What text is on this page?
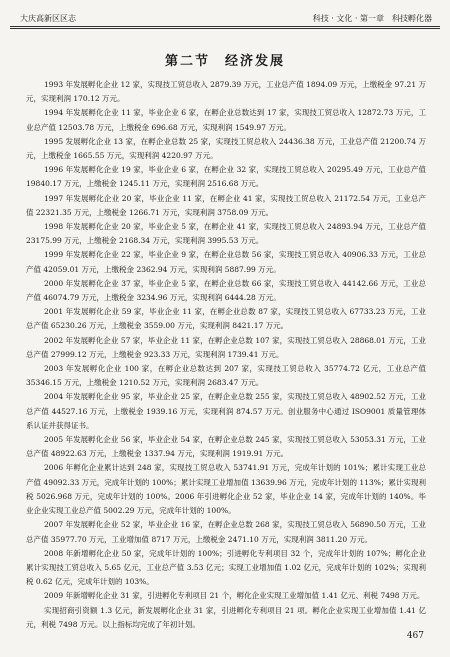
大庆高新区区志	科技 · 文化 · 第一章　科技孵化器
第二节　经济发展

1993 年发展孵化企业 12 家，实现技工贸总收入 2879.39 万元，工业总产值 1894.09 万元，上缴税金 97.21 万元，实现利润 170.12 万元。

1994 年发展孵化企业 11 家，毕业企业 6 家，在孵企业总数达到 17 家，实现技工贸总收入 12872.73 万元，工业总产值 12503.78 万元，上缴税金 696.68 万元，实现利润 1549.97 万元。

1995 发展孵化企业 13 家，在孵企业总数 25 家，实现技工贸总收入 24436.38 万元，工业总产值 21200.74 万元，上缴税金 1665.55 万元，实现利润 4220.97 万元。

1996 年发展孵化企业 19 家，毕业企业 6 家，在孵企业 32 家，实现技工贸总收入 20295.49 万元，工业总产值 19840.17 万元，上缴税金 1245.11 万元，实现利润 2516.68 万元。

1997 年发展孵化企业 20 家，毕业企业 11 家，在孵企业 41 家，实现技工贸总收入 21172.54 万元，工业总产值 22321.35 万元，上缴税金 1266.71 万元，实现利润 3758.09 万元。

1998 年发展孵化企业 20 家，毕业企业 5 家，在孵企业 41 家，实现技工贸总收入 24893.94 万元，工业总产值 23175.99 万元，上缴税金 2168.34 万元，实现利润 3995.53 万元。

1999 年发展孵化企业 22 家，毕业企业 9 家，在孵企业总数 56 家，实现技工贸总收入 40906.33 万元，工业总产值 42059.01 万元，上缴税金 2362.94 万元，实现利润 5887.99 万元。

2000 年发展孵化企业 37 家，毕业企业 5 家，在孵企业总数 66 家，实现技工贸总收入 44142.66 万元，工业总产值 46074.79 万元，上缴税金 3234.96 万元，实现利润 6444.28 万元。

2001 年发展孵化企业 59 家，毕业企业 11 家，在孵企业总数 87 家，实现技工贸总收入 67733.23 万元，工业总产值 65230.26 万元，上缴税金 3559.00 万元，实现利润 8421.17 万元。

2002 年发展孵化企业 57 家，毕业企业 11 家，在孵企业总数 107 家，实现技工贸总收入 28868.01 万元，工业总产值 27999.12 万元，上缴税金 923.33 万元，实现利润 1739.41 万元。

2003 年发展孵化企业 100 家，在孵企业总数达到 207 家，实现技工贸总收入 35774.72 亿元，工业总产值 35346.15 万元，上缴税金 1210.52 万元，实现利润 2683.47 万元。

2004 年发展孵化企业 95 家，毕业企业 25 家，在孵企业总数 255 家，实现技工贸总收入 48902.52 万元，工业总产值 44527.16 万元，上缴税金 1939.16 万元，实现利润 874.57 万元。创业服务中心通过 ISO9001 质量管理体系认证并获得证书。

2005 年发展孵化企业 56 家，毕业企业 54 家，在孵企业总数 245 家，实现技工贸总收入 53053.31 万元，工业总产值 48922.63 万元，上缴税金 1337.94 万元，实现利润 1919.91 万元。

2006 年孵化企业累计达到 248 家，实现技工贸总收入 53741.91 万元，完成年计划的 101%；累计实现工业总产值 49092.33 万元，完成年计划的 100%；累计实现工业增加值 13639.96 万元，完成年计划的 113%；累计实现利税 5026.968 万元，完成年计划的 100%。2006 年引进孵化企业 52 家，毕业企业 14 家，完成年计划的 140%。毕业企业实现工业总产值 5002.29 万元，完成年计划的 100%。

2007 年发展孵化企业 52 家，毕业企业 16 家，在孵企业总数 268 家，实现技工贸总收入 56890.50 万元，工业总产值 35977.70 万元，工业增加值 8717 万元，上缴税金 2471.10 万元，实现利润 3811.20 万元。

2008 年新增孵化企业 50 家，完成年计划的 100%；引进孵化专利项目 32 个，完成年计划的 107%；孵化企业累计实现技工贸总收入 5.65 亿元，工业总产值 3.53 亿元；实现工业增加值 1.02 亿元，完成年计划的 102%；实现利税 0.62 亿元，完成年计划的 103%。

2009 年新增孵化企业 31 家，引进孵化专利项目 21 个，孵化企业实现工业增加值 1.41 亿元、利税 7498 万元。

实现招商引资额 1.3 亿元，新发展孵化企业 31 家，引进孵化专利项目 21 项。孵化企业实现工业增加值 1.41 亿元，利税 7498 万元。以上指标均完成了年初计划。

467
